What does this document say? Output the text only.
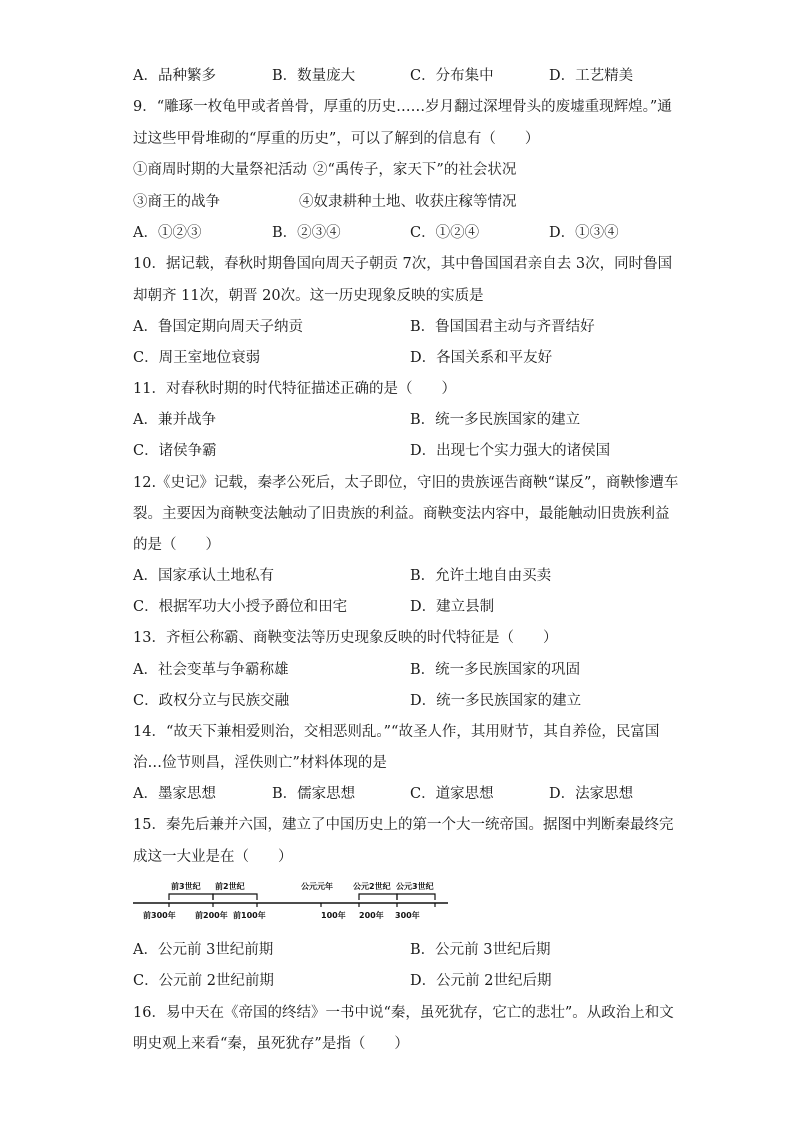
A．品种繁多	B．数量庞大	C．分布集中	D．工艺精美
9．“雕琢一枚龟甲或者兽骨，厚重的历史……岁月翻过深埋骨头的废墟重现辉煌。”通
过这些甲骨堆砌的“厚重的历史”，可以了解到的信息有（　　）
①商周时期的大量祭祀活动 ②“禹传子，家天下”的社会状况
③商王的战争	④奴隶耕种土地、收获庄稼等情况
A．①②③	B．②③④	C．①②④	D．①③④
10．据记载，春秋时期鲁国向周天子朝贡 7次，其中鲁国国君亲自去 3次，同时鲁国
却朝齐 11次，朝晋 20次。这一历史现象反映的实质是
A．鲁国定期向周天子纳贡	B．鲁国国君主动与齐晋结好
C．周王室地位衰弱	D．各国关系和平友好
11．对春秋时期的时代特征描述正确的是（　　）
A．兼并战争	B．统一多民族国家的建立
C．诸侯争霸	D．出现七个实力强大的诸侯国
12.《史记》记载，秦孝公死后，太子即位，守旧的贵族诬告商鞅“谋反”，商鞅惨遭车
裂。主要因为商鞅变法触动了旧贵族的利益。商鞅变法内容中，最能触动旧贵族利益
的是（　　）
A．国家承认土地私有	B．允许土地自由买卖
C．根据军功大小授予爵位和田宅	D．建立县制
13．齐桓公称霸、商鞅变法等历史现象反映的时代特征是（　　）
A．社会变革与争霸称雄	B．统一多民族国家的巩固
C．政权分立与民族交融	D．统一多民族国家的建立
14．“故天下兼相爱则治，交相恶则乱。”“故圣人作，其用财节，其自养俭，民富国
治…俭节则昌，淫佚则亡”材料体现的是
A．墨家思想	B．儒家思想	C．道家思想	D．法家思想
15．秦先后兼并六国，建立了中国历史上的第一个大一统帝国。据图中判断秦最终完
成这一大业是在（　　）
前3世纪 前2世纪	公元元年	公元2世纪 公元3世纪
前300年 前200年 前100年	100年 200年 300年
A．公元前 3世纪前期	B．公元前 3世纪后期
C．公元前 2世纪前期	D．公元前 2世纪后期
16．易中天在《帝国的终结》一书中说“秦，虽死犹存，它亡的悲壮”。从政治上和文
明史观上来看“秦，虽死犹存”是指（　　）
